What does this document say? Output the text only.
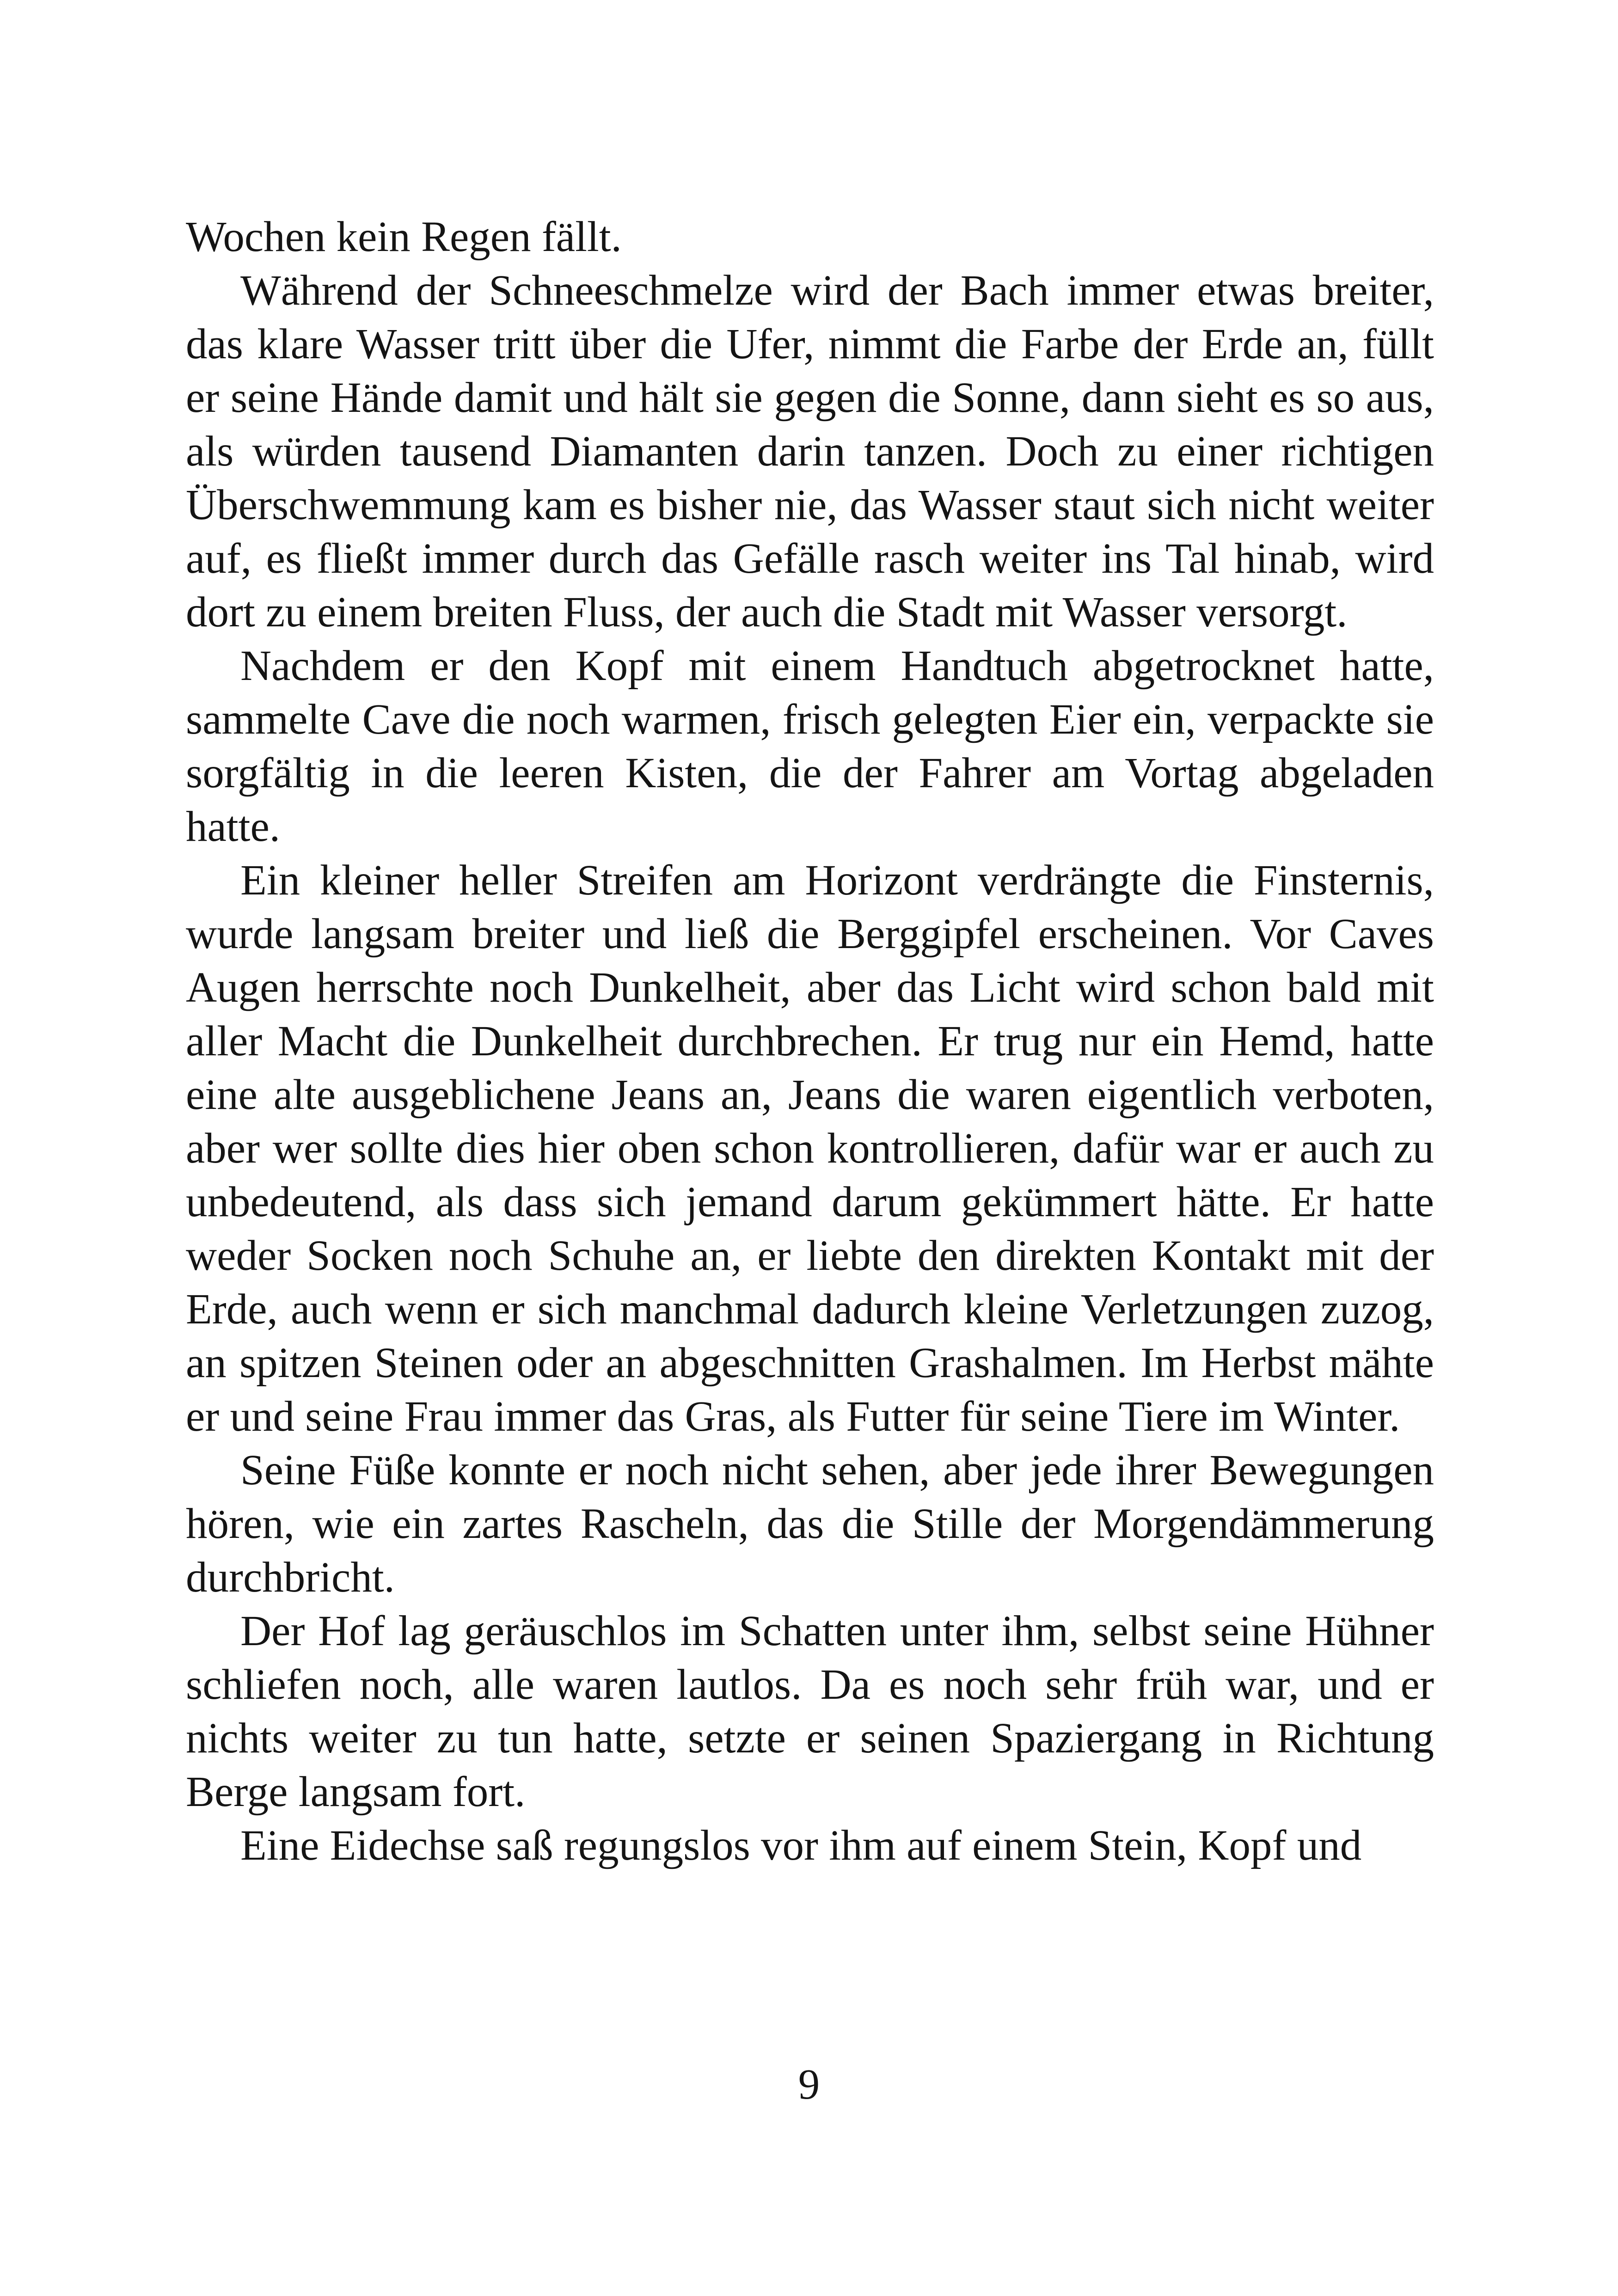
Wochen kein Regen fällt.

Während der Schneeschmelze wird der Bach immer etwas breiter, das klare Wasser tritt über die Ufer, nimmt die Farbe der Erde an, füllt er seine Hände damit und hält sie gegen die Sonne, dann sieht es so aus, als würden tausend Diamanten darin tanzen. Doch zu einer richtigen Überschwemmung kam es bisher nie, das Wasser staut sich nicht weiter auf, es fließt immer durch das Gefälle rasch weiter ins Tal hinab, wird dort zu einem breiten Fluss, der auch die Stadt mit Wasser versorgt.

Nachdem er den Kopf mit einem Handtuch abgetrocknet hatte, sammelte Cave die noch warmen, frisch gelegten Eier ein, verpackte sie sorgfältig in die leeren Kisten, die der Fahrer am Vortag abgeladen hatte.

Ein kleiner heller Streifen am Horizont verdrängte die Finsternis, wurde langsam breiter und ließ die Berggipfel erscheinen. Vor Caves Augen herrschte noch Dunkelheit, aber das Licht wird schon bald mit aller Macht die Dunkelheit durchbrechen. Er trug nur ein Hemd, hatte eine alte ausgeblichene Jeans an, Jeans die waren eigentlich verboten, aber wer sollte dies hier oben schon kontrollieren, dafür war er auch zu unbedeutend, als dass sich jemand darum gekümmert hätte. Er hatte weder Socken noch Schuhe an, er liebte den direkten Kontakt mit der Erde, auch wenn er sich manchmal dadurch kleine Verletzungen zuzog, an spitzen Steinen oder an abgeschnitten Grashalmen. Im Herbst mähte er und seine Frau immer das Gras, als Futter für seine Tiere im Winter.

Seine Füße konnte er noch nicht sehen, aber jede ihrer Bewegungen hören, wie ein zartes Rascheln, das die Stille der Morgendämmerung durchbricht.

Der Hof lag geräuschlos im Schatten unter ihm, selbst seine Hühner schliefen noch, alle waren lautlos. Da es noch sehr früh war, und er nichts weiter zu tun hatte, setzte er seinen Spaziergang in Richtung Berge langsam fort.

Eine Eidechse saß regungslos vor ihm auf einem Stein, Kopf und

9
